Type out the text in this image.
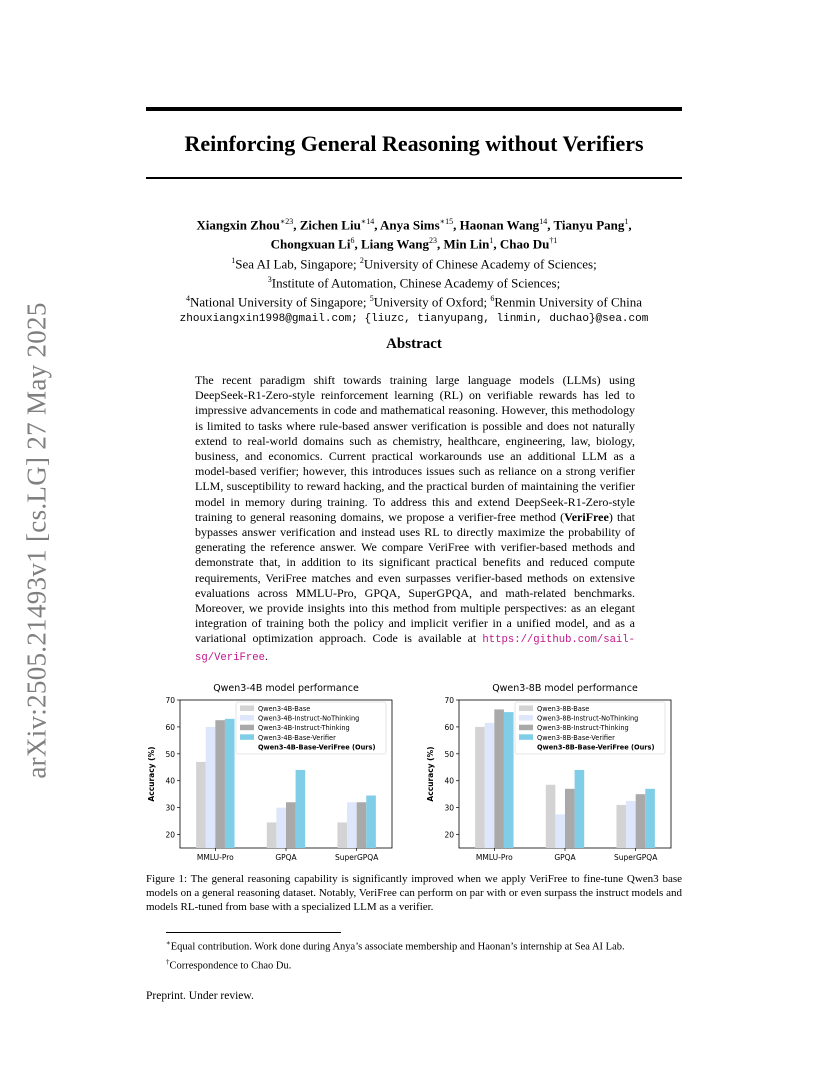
arXiv:2505.21493v1 [cs.LG] 27 May 2025
Reinforcing General Reasoning without Verifiers
Xiangxin Zhou$^{∗23}$, Zichen Liu$^{∗14}$, Anya Sims$^{∗15}$, Haonan Wang$^{14}$, Tianyu Pang$^1$,
Chongxuan Li$^6$, Liang Wang$^{23}$, Min Lin$^1$, Chao Du$^{\dagger 1}$
$^1$Sea AI Lab, Singapore; $^2$University of Chinese Academy of Sciences;
$^3$Institute of Automation, Chinese Academy of Sciences;
$^4$National University of Singapore; $^5$University of Oxford; $^6$Renmin University of China
zhouxiangxin1998@gmail.com; {liuzc, tianyupang, linmin, duchao}@sea.com
Abstract

The recent paradigm shift towards training large language models (LLMs) using DeepSeek-R1-Zero-style reinforcement learning (RL) on verifiable rewards has led to impressive advancements in code and mathematical reasoning. However, this methodology is limited to tasks where rule-based answer verification is possible and does not naturally extend to real-world domains such as chemistry, healthcare, engineering, law, biology, business, and economics. Current practical workarounds use an additional LLM as a model-based verifier; however, this introduces issues such as reliance on a strong verifier LLM, susceptibility to reward hacking, and the practical burden of maintaining the verifier model in memory during training. To address this and extend DeepSeek-R1-Zero-style training to general reasoning domains, we propose a verifier-free method (VeriFree) that bypasses answer verification and instead uses RL to directly maximize the probability of generating the reference answer. We compare VeriFree with verifier-based methods and demonstrate that, in addition to its significant practical benefits and reduced compute requirements, VeriFree matches and even surpasses verifier-based methods on extensive evaluations across MMLU-Pro, GPQA, SuperGPQA, and math-related benchmarks. Moreover, we provide insights into this method from multiple perspectives: as an elegant integration of training both the policy and implicit verifier in a unified model, and as a variational optimization approach. Code is available at https://github.com/sail-sg/VeriFree.

Qwen3-4B model performance
20
30
40
50
60
70
Accuracy (%)
MMLU-Pro	GPQA	SuperGPQA
Qwen3-4B-Base
Qwen3-4B-Instruct-NoThinking
Qwen3-4B-Instruct-Thinking
Qwen3-4B-Base-Verifier
Qwen3-4B-Base-VeriFree (Ours)
Qwen3-8B model performance
20
30
40
50
60
70
Accuracy (%)
MMLU-Pro	GPQA	SuperGPQA
Qwen3-8B-Base
Qwen3-8B-Instruct-NoThinking
Qwen3-8B-Instruct-Thinking
Qwen3-8B-Base-Verifier
Qwen3-8B-Base-VeriFree (Ours)

Figure 1: The general reasoning capability is significantly improved when we apply VeriFree to fine-tune Qwen3 base models on a general reasoning dataset. Notably, VeriFree can perform on par with or even surpass the instruct models and models RL-tuned from base with a specialized LLM as a verifier.

∗Equal contribution. Work done during Anya’s associate membership and Haonan’s internship at Sea AI Lab.
†Correspondence to Chao Du.
Preprint. Under review.
